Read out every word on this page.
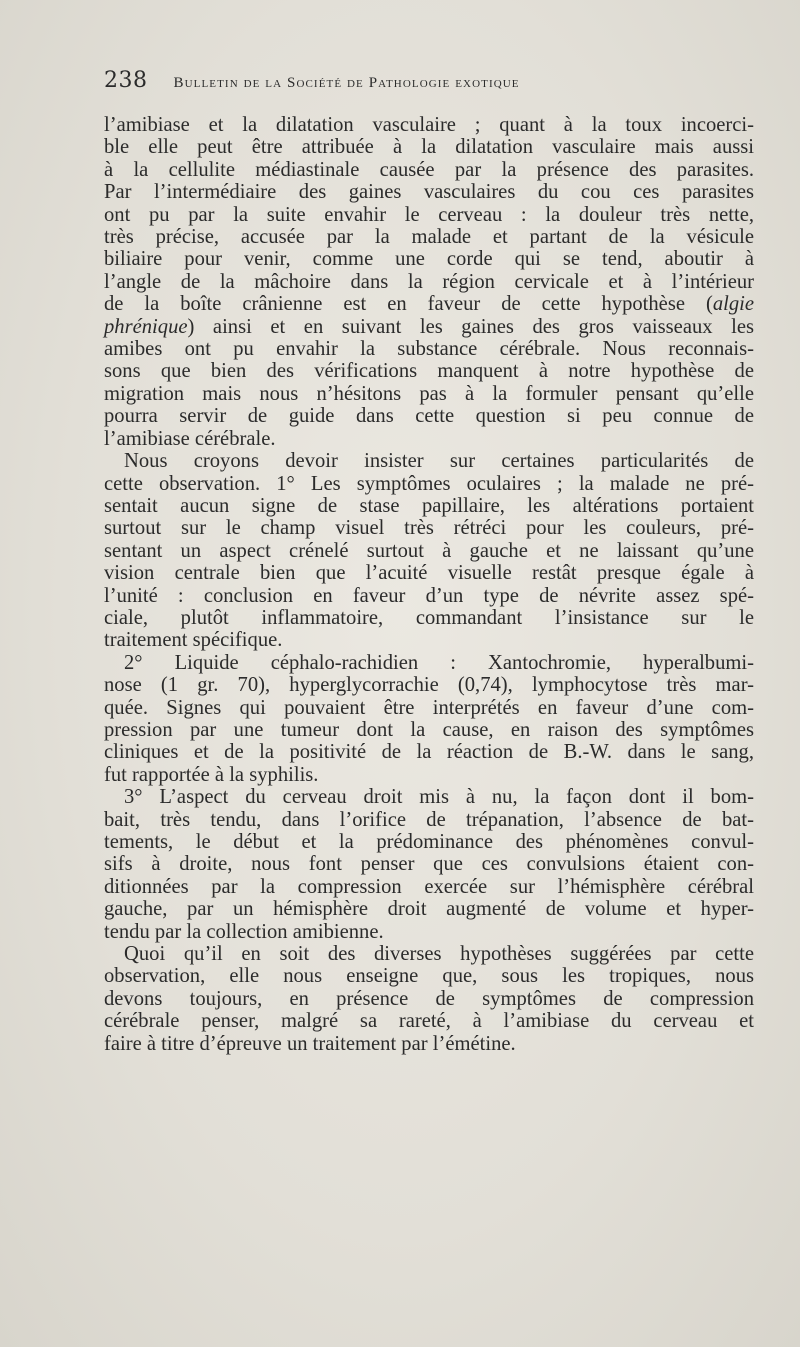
238 Bulletin de la Société de Pathologie exotique
l’amibiase et la dilatation vasculaire ; quant à la toux incoerci-
ble elle peut être attribuée à la dilatation vasculaire mais aussi
à la cellulite médiastinale causée par la présence des parasites.
Par l’intermédiaire des gaines vasculaires du cou ces parasites
ont pu par la suite envahir le cerveau : la douleur très nette,
très précise, accusée par la malade et partant de la vésicule
biliaire pour venir, comme une corde qui se tend, aboutir à
l’angle de la mâchoire dans la région cervicale et à l’intérieur
de la boîte crânienne est en faveur de cette hypothèse (algie
phrénique) ainsi et en suivant les gaines des gros vaisseaux les
amibes ont pu envahir la substance cérébrale. Nous reconnais-
sons que bien des vérifications manquent à notre hypothèse de
migration mais nous n’hésitons pas à la formuler pensant qu’elle
pourra servir de guide dans cette question si peu connue de
l’amibiase cérébrale.
Nous croyons devoir insister sur certaines particularités de
cette observation. 1° Les symptômes oculaires ; la malade ne pré-
sentait aucun signe de stase papillaire, les altérations portaient
surtout sur le champ visuel très rétréci pour les couleurs, pré-
sentant un aspect crénelé surtout à gauche et ne laissant qu’une
vision centrale bien que l’acuité visuelle restât presque égale à
l’unité : conclusion en faveur d’un type de névrite assez spé-
ciale, plutôt inflammatoire, commandant l’insistance sur le
traitement spécifique.
2° Liquide céphalo-rachidien : Xantochromie, hyperalbumi-
nose (1 gr. 70), hyperglycorrachie (0,74), lymphocytose très mar-
quée. Signes qui pouvaient être interprétés en faveur d’une com-
pression par une tumeur dont la cause, en raison des symptômes
cliniques et de la positivité de la réaction de B.-W. dans le sang,
fut rapportée à la syphilis.
3° L’aspect du cerveau droit mis à nu, la façon dont il bom-
bait, très tendu, dans l’orifice de trépanation, l’absence de bat-
tements, le début et la prédominance des phénomènes convul-
sifs à droite, nous font penser que ces convulsions étaient con-
ditionnées par la compression exercée sur l’hémisphère cérébral
gauche, par un hémisphère droit augmenté de volume et hyper-
tendu par la collection amibienne.
Quoi qu’il en soit des diverses hypothèses suggérées par cette
observation, elle nous enseigne que, sous les tropiques, nous
devons toujours, en présence de symptômes de compression
cérébrale penser, malgré sa rareté, à l’amibiase du cerveau et
faire à titre d’épreuve un traitement par l’émétine.
